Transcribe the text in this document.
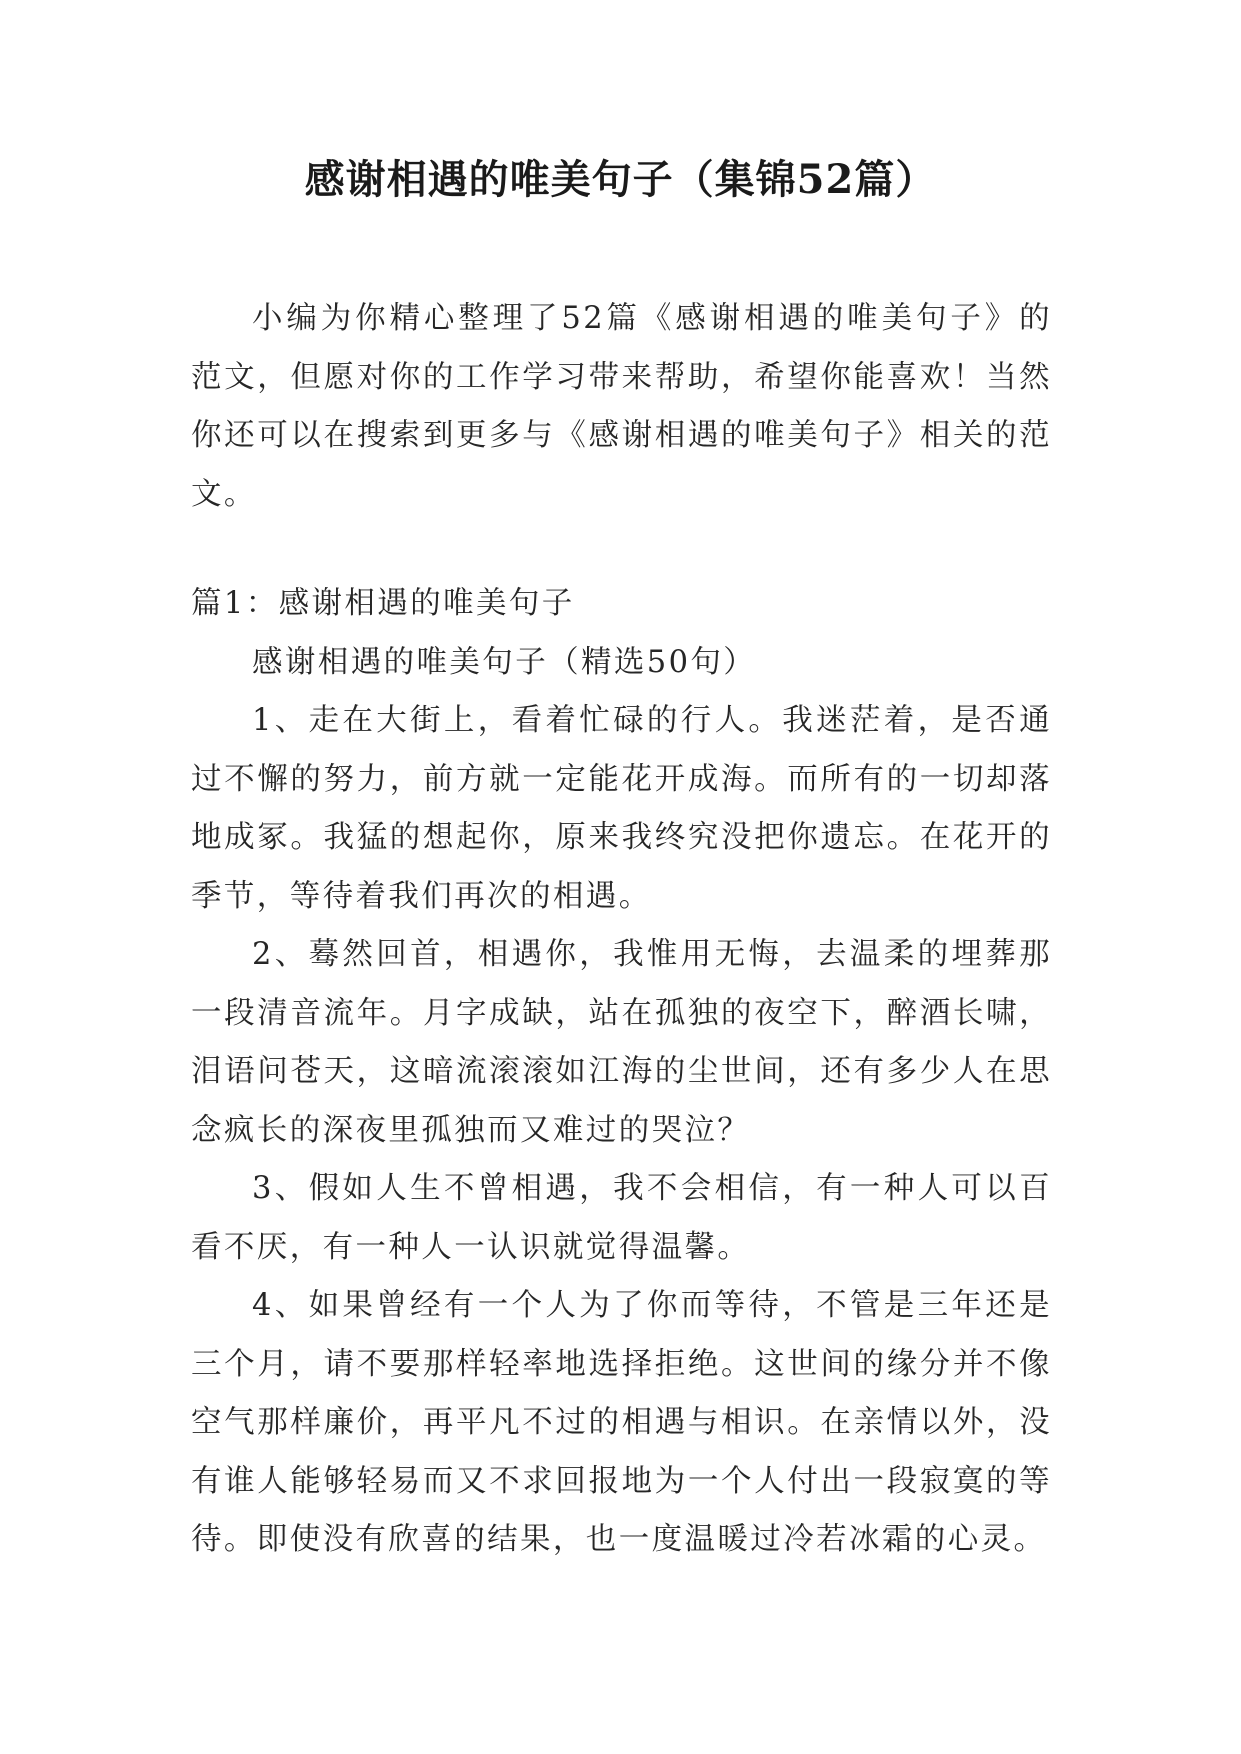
感谢相遇的唯美句子（集锦52篇）

小编为你精心整理了52篇《感谢相遇的唯美句子》的范文，但愿对你的工作学习带来帮助，希望你能喜欢！当然你还可以在搜索到更多与《感谢相遇的唯美句子》相关的范文。

篇1：感谢相遇的唯美句子

感谢相遇的唯美句子（精选50句）

1、走在大街上，看着忙碌的行人。我迷茫着，是否通过不懈的努力，前方就一定能花开成海。而所有的一切却落地成冢。我猛的想起你，原来我终究没把你遗忘。在花开的季节，等待着我们再次的相遇。

2、蓦然回首，相遇你，我惟用无悔，去温柔的埋葬那一段清音流年。月字成缺，站在孤独的夜空下，醉酒长啸，泪语问苍天，这暗流滚滚如江海的尘世间，还有多少人在思念疯长的深夜里孤独而又难过的哭泣？

3、假如人生不曾相遇，我不会相信，有一种人可以百看不厌，有一种人一认识就觉得温馨。

4、如果曾经有一个人为了你而等待，不管是三年还是三个月，请不要那样轻率地选择拒绝。这世间的缘分并不像空气那样廉价，再平凡不过的相遇与相识。在亲情以外，没有谁人能够轻易而又不求回报地为一个人付出一段寂寞的等待。即使没有欣喜的结果，也一度温暖过冷若冰霜的心灵。
